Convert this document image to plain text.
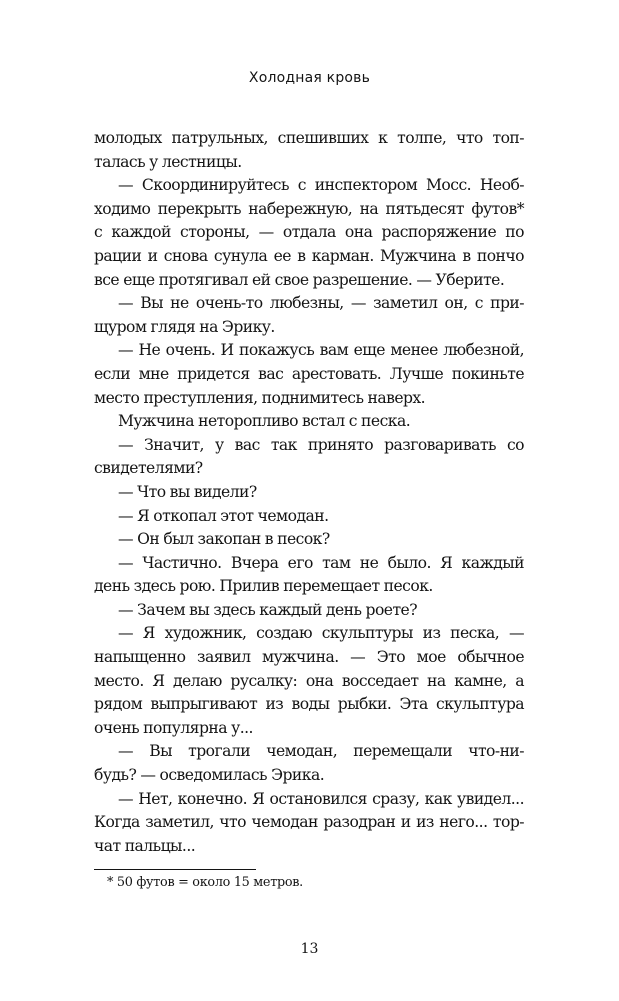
Холодная кровь
молодых патрульных, спешивших к толпе, что топ-
талась у лестницы.
— Скоординируйтесь с инспектором Мосс. Необ-
ходимо перекрыть набережную, на пятьдесят футов*
с каждой стороны, — отдала она распоряжение по
рации и снова сунула ее в карман. Мужчина в пончо
все еще протягивал ей свое разрешение. — Уберите.
— Вы не очень-то любезны, — заметил он, с при-
щуром глядя на Эрику.
— Не очень. И покажусь вам еще менее любезной,
если мне придется вас арестовать. Лучше покиньте
место преступления, поднимитесь наверх.
Мужчина неторопливо встал с песка.
— Значит, у вас так принято разговаривать со
свидетелями?
— Что вы видели?
— Я откопал этот чемодан.
— Он был закопан в песок?
— Частично. Вчера его там не было. Я каждый
день здесь рою. Прилив перемещает песок.
— Зачем вы здесь каждый день роете?
— Я художник, создаю скульптуры из песка, —
напыщенно заявил мужчина. — Это мое обычное
место. Я делаю русалку: она восседает на камне, а
рядом выпрыгивают из воды рыбки. Эта скульптура
очень популярна у...
— Вы трогали чемодан, перемещали что-ни-
будь? — осведомилась Эрика.
— Нет, конечно. Я остановился сразу, как увидел...
Когда заметил, что чемодан разодран и из него... тор-
чат пальцы...
* 50 футов = около 15 метров.
13
